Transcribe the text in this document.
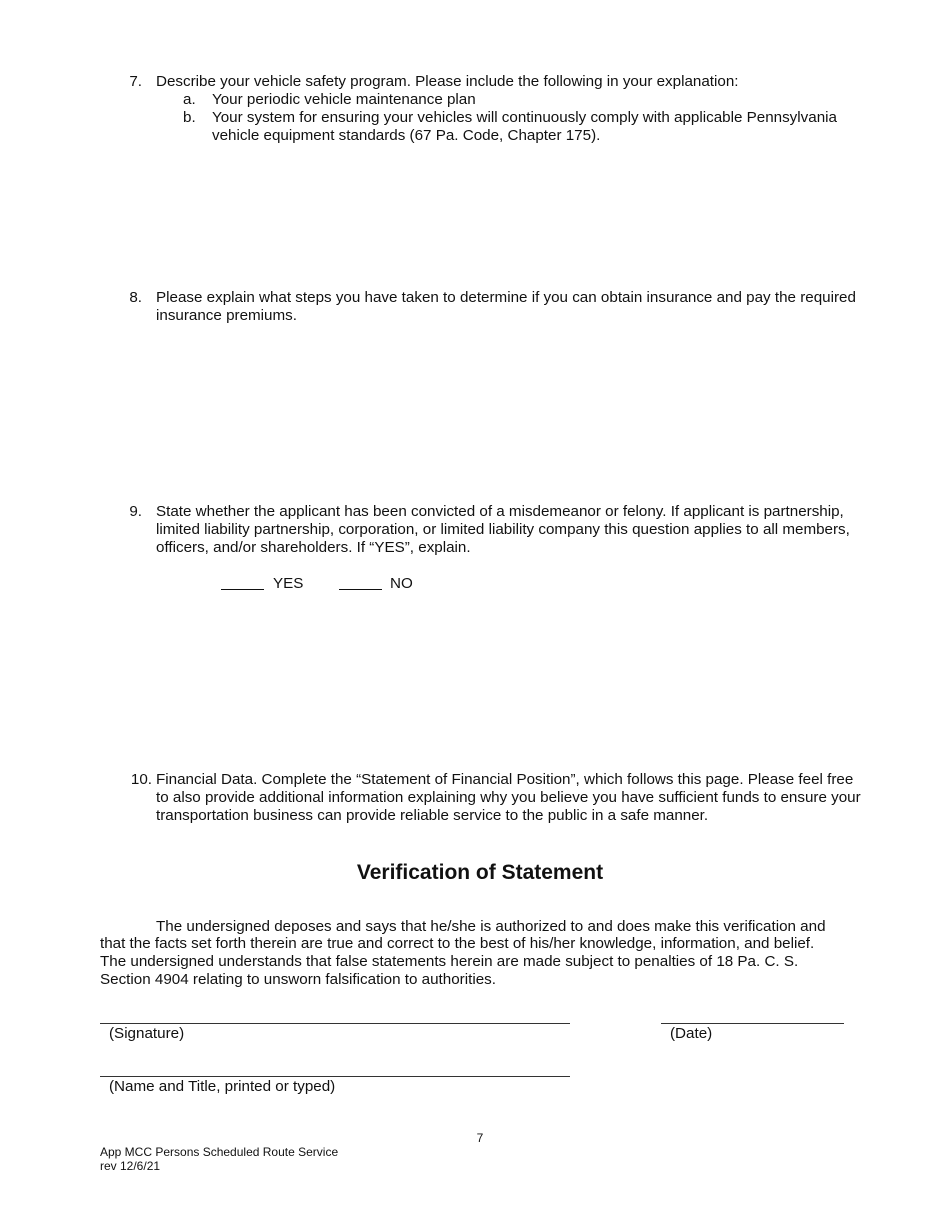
7. Describe your vehicle safety program. Please include the following in your explanation:
a. Your periodic vehicle maintenance plan
b. Your system for ensuring your vehicles will continuously comply with applicable Pennsylvania vehicle equipment standards (67 Pa. Code, Chapter 175).
8. Please explain what steps you have taken to determine if you can obtain insurance and pay the required insurance premiums.
9. State whether the applicant has been convicted of a misdemeanor or felony. If applicant is partnership, limited liability partnership, corporation, or limited liability company this question applies to all members, officers, and/or shareholders. If “YES”, explain.
YES	NO
10. Financial Data. Complete the “Statement of Financial Position”, which follows this page. Please feel free to also provide additional information explaining why you believe you have sufficient funds to ensure your transportation business can provide reliable service to the public in a safe manner.
Verification of Statement
The undersigned deposes and says that he/she is authorized to and does make this verification and
that the facts set forth therein are true and correct to the best of his/her knowledge, information, and belief.
The undersigned understands that false statements herein are made subject to penalties of 18 Pa. C. S.
Section 4904 relating to unsworn falsification to authorities.
(Signature)	(Date)
(Name and Title, printed or typed)
7
App MCC Persons Scheduled Route Service
rev 12/6/21
